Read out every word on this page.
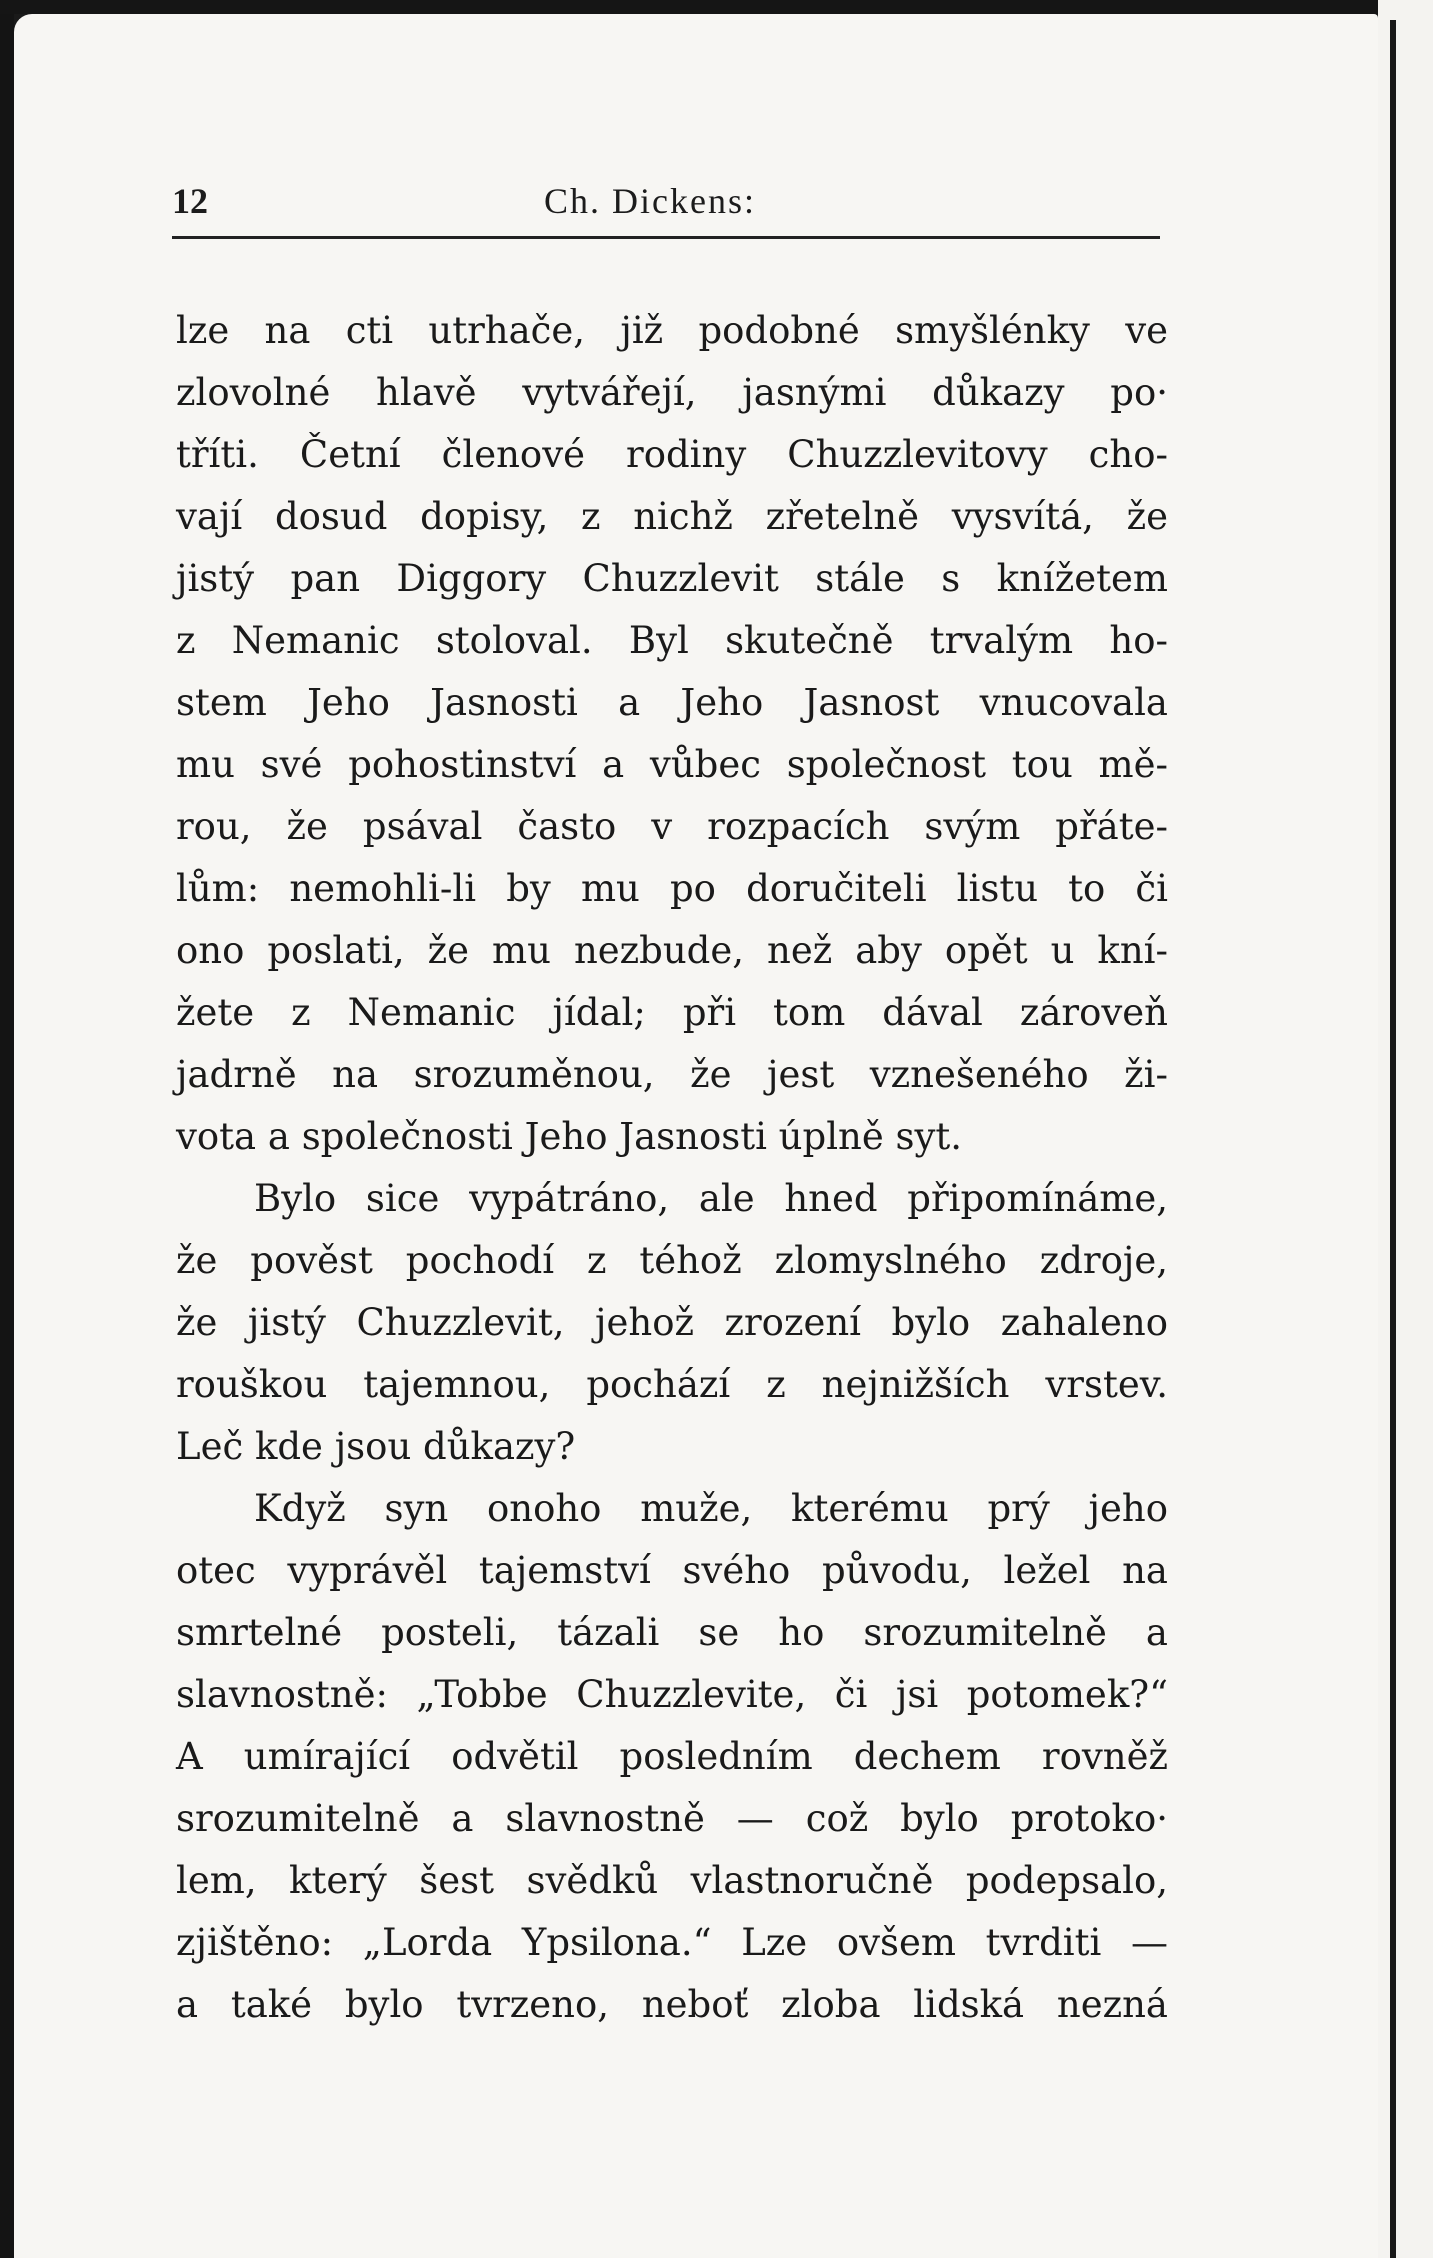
12	Ch. Dickens:
lze na cti utrhače, již podobné smyšlénky ve
zlovolné hlavě vytvářejí, jasnými důkazy po·
tříti. Četní členové rodiny Chuzzlevitovy cho-
vají dosud dopisy, z nichž zřetelně vysvítá, že
jistý pan Diggory Chuzzlevit stále s knížetem
z Nemanic stoloval. Byl skutečně trvalým ho-
stem Jeho Jasnosti a Jeho Jasnost vnucovala
mu své pohostinství a vůbec společnost tou mě-
rou, že psával často v rozpacích svým přáte-
lům: nemohli-li by mu po doručiteli listu to či
ono poslati, že mu nezbude, než aby opět u kní-
žete z Nemanic jídal; při tom dával zároveň
jadrně na srozuměnou, že jest vznešeného ži-
vota a společnosti Jeho Jasnosti úplně syt.
Bylo sice vypátráno, ale hned připomínáme,
že pověst pochodí z téhož zlomyslného zdroje,
že jistý Chuzzlevit, jehož zrození bylo zahaleno
rouškou tajemnou, pochází z nejnižších vrstev.
Leč kde jsou důkazy?
Když syn onoho muže, kterému prý jeho
otec vyprávěl tajemství svého původu, ležel na
smrtelné posteli, tázali se ho srozumitelně a
slavnostně: „Tobbe Chuzzlevite, či jsi potomek?“
A umírající odvětil posledním dechem rovněž
srozumitelně a slavnostně — což bylo protoko·
lem, který šest svědků vlastnoručně podepsalo,
zjištěno: „Lorda Ypsilona.“ Lze ovšem tvrditi —
a také bylo tvrzeno, neboť zloba lidská nezná
